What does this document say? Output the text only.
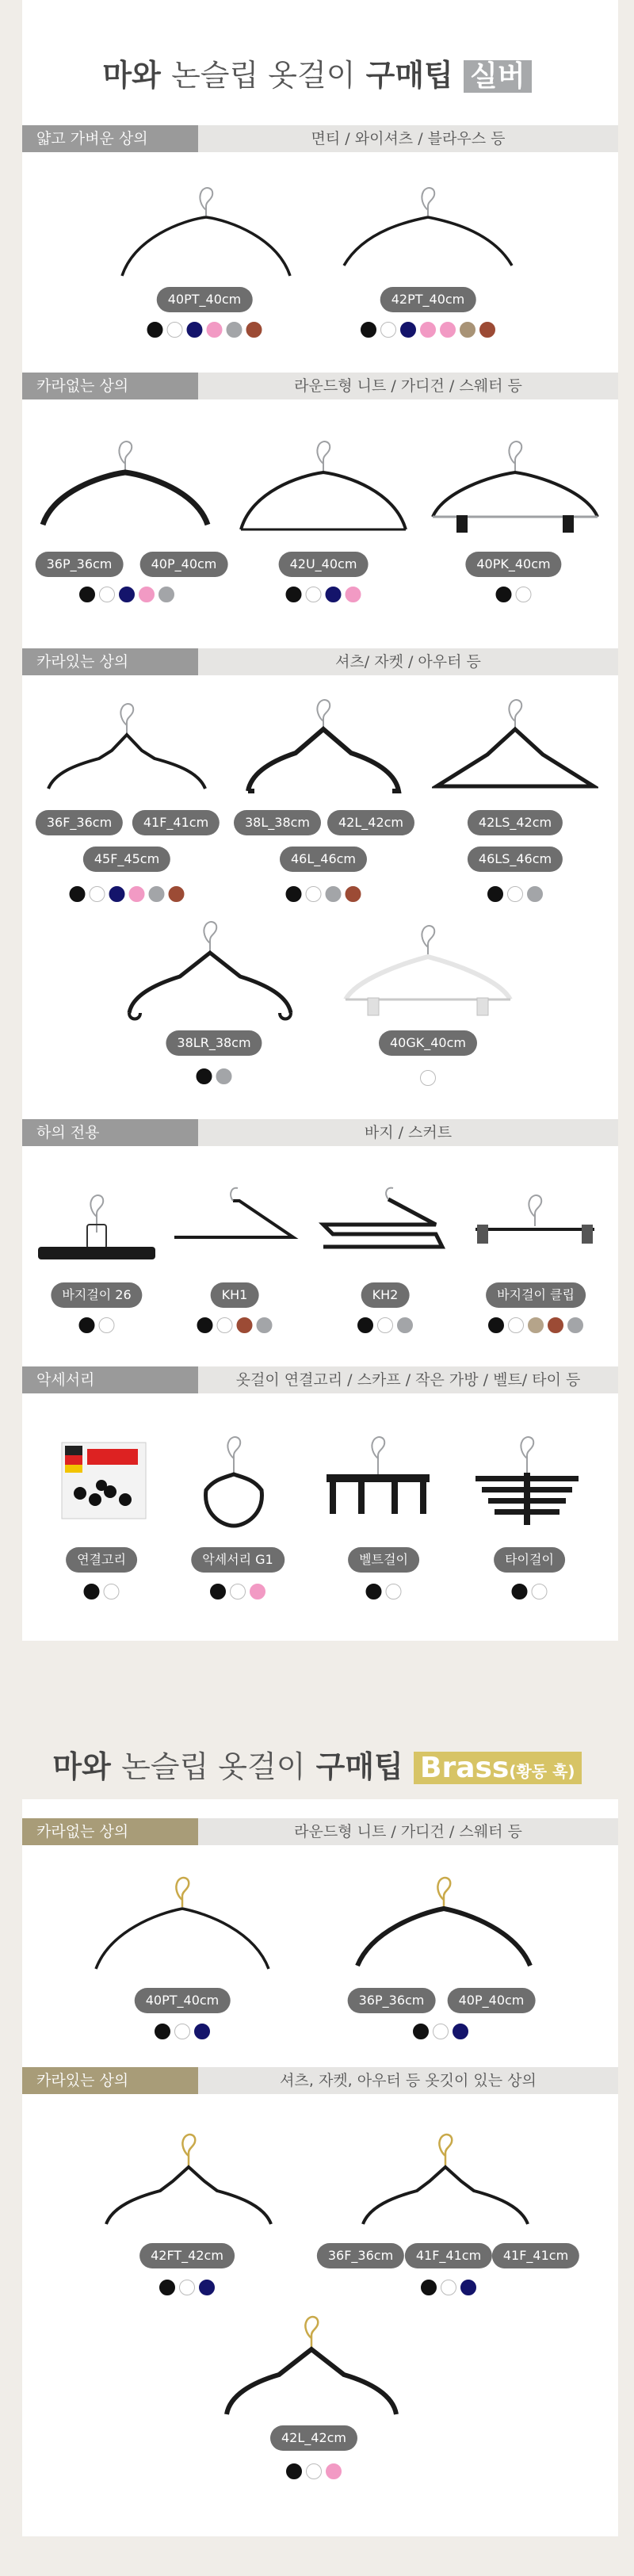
마와 논슬립 옷걸이 구매팁 실버
얇고 가벼운 상의	면티 / 와이셔츠 / 블라우스 등
카라없는 상의	라운드형 니트 / 가디건 / 스웨터 등
카라있는 상의	셔츠/ 자켓 / 아우터 등
하의 전용	바지 / 스커트
악세서리	옷걸이 연결고리 / 스카프 / 작은 가방 / 벨트/ 타이 등
40PT_40cm	42PT_40cm
36P_36cm	40P_40cm	42U_40cm	40PK_40cm
36F_36cm	41F_41cm
45F_45cm
38L_38cm	42L_42cm
46L_46cm
42LS_42cm
46LS_46cm
38LR_38cm	40GK_40cm
바지걸이 26	KH1	KH2	바지걸이 클립
연결고리	악세서리 G1	벨트걸이	타이걸이
마와 논슬립 옷걸이 구매팁 Brass(황동 훅)
카라없는 상의	라운드형 니트 / 가디건 / 스웨터 등
카라있는 상의	셔츠, 자켓, 아우터 등 옷깃이 있는 상의
40PT_40cm	36P_36cm	40P_40cm
42FT_42cm	36F_36cm	41F_41cm	41F_41cm
42L_42cm
